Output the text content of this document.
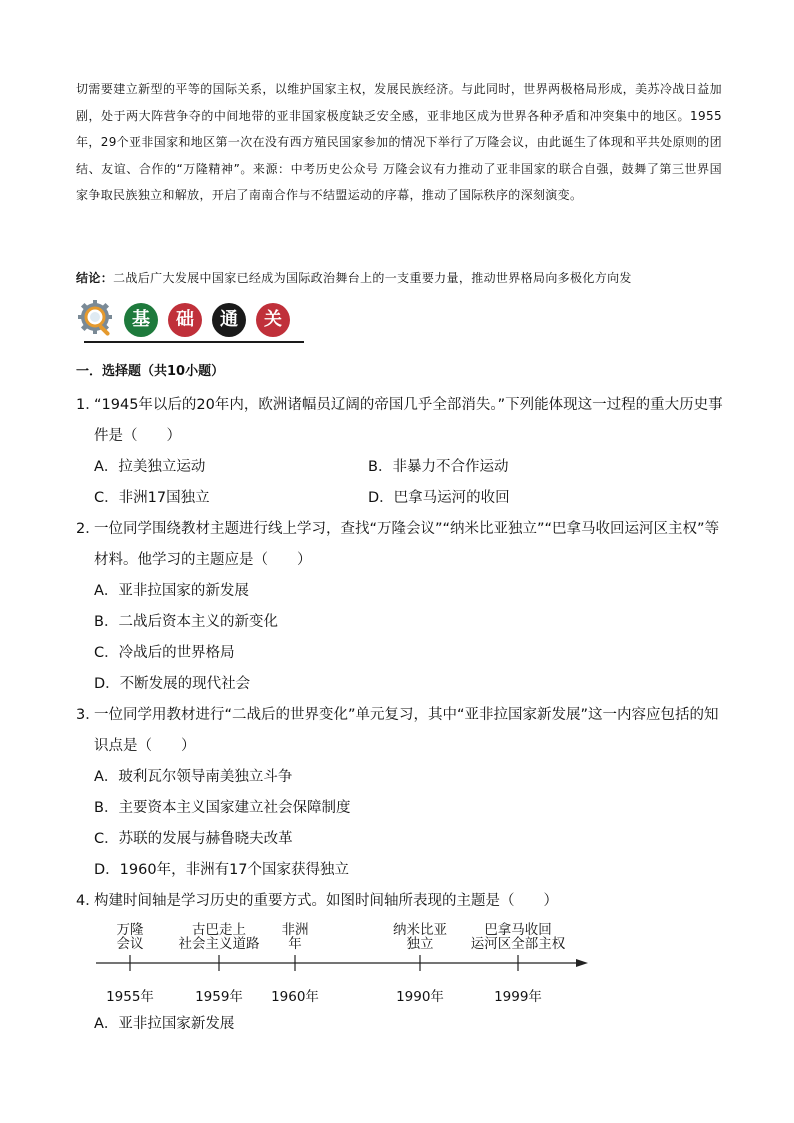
切需要建立新型的平等的国际关系，以维护国家主权，发展民族经济。与此同时，世界两极格局形成，美苏冷战日益加剧，处于两大阵营争夺的中间地带的亚非国家极度缺乏安全感，亚非地区成为世界各种矛盾和冲突集中的地区。1955年，29个亚非国家和地区第一次在没有西方殖民国家参加的情况下举行了万隆会议，由此诞生了体现和平共处原则的团结、友谊、合作的“万隆精神”。来源：中考历史公众号 万隆会议有力推动了亚非国家的联合自强，鼓舞了第三世界国家争取民族独立和解放，开启了南南合作与不结盟运动的序幕，推动了国际秩序的深刻演变。

结论：二战后广大发展中国家已经成为国际政治舞台上的一支重要力量，推动世界格局向多极化方向发
基	础	通	关
一．选择题（共10小题）
1．“1945年以后的20年内，欧洲诸幅员辽阔的帝国几乎全部消失。”下列能体现这一过程的重大历史事件是（　　）
A．拉美独立运动	B．非暴力不合作运动
C．非洲17国独立	D．巴拿马运河的收回
2．一位同学围绕教材主题进行线上学习，查找“万隆会议”“纳米比亚独立”“巴拿马收回运河区主权”等材料。他学习的主题应是（　　）
A．亚非拉国家的新发展
B．二战后资本主义的新变化
C．冷战后的世界格局
D．不断发展的现代社会
3．一位同学用教材进行“二战后的世界变化”单元复习，其中“亚非拉国家新发展”这一内容应包括的知识点是（　　）
A．玻利瓦尔领导南美独立斗争
B．主要资本主义国家建立社会保障制度
C．苏联的发展与赫鲁晓夫改革
D．1960年，非洲有17个国家获得独立
4．构建时间轴是学习历史的重要方式。如图时间轴所表现的主题是（　　）
万隆
会议
古巴走上
社会主义道路
非洲
年
纳米比亚
独立
巴拿马收回
运河区全部主权
1955年	1959年 1960年	1990年	1999年
A．亚非拉国家新发展
